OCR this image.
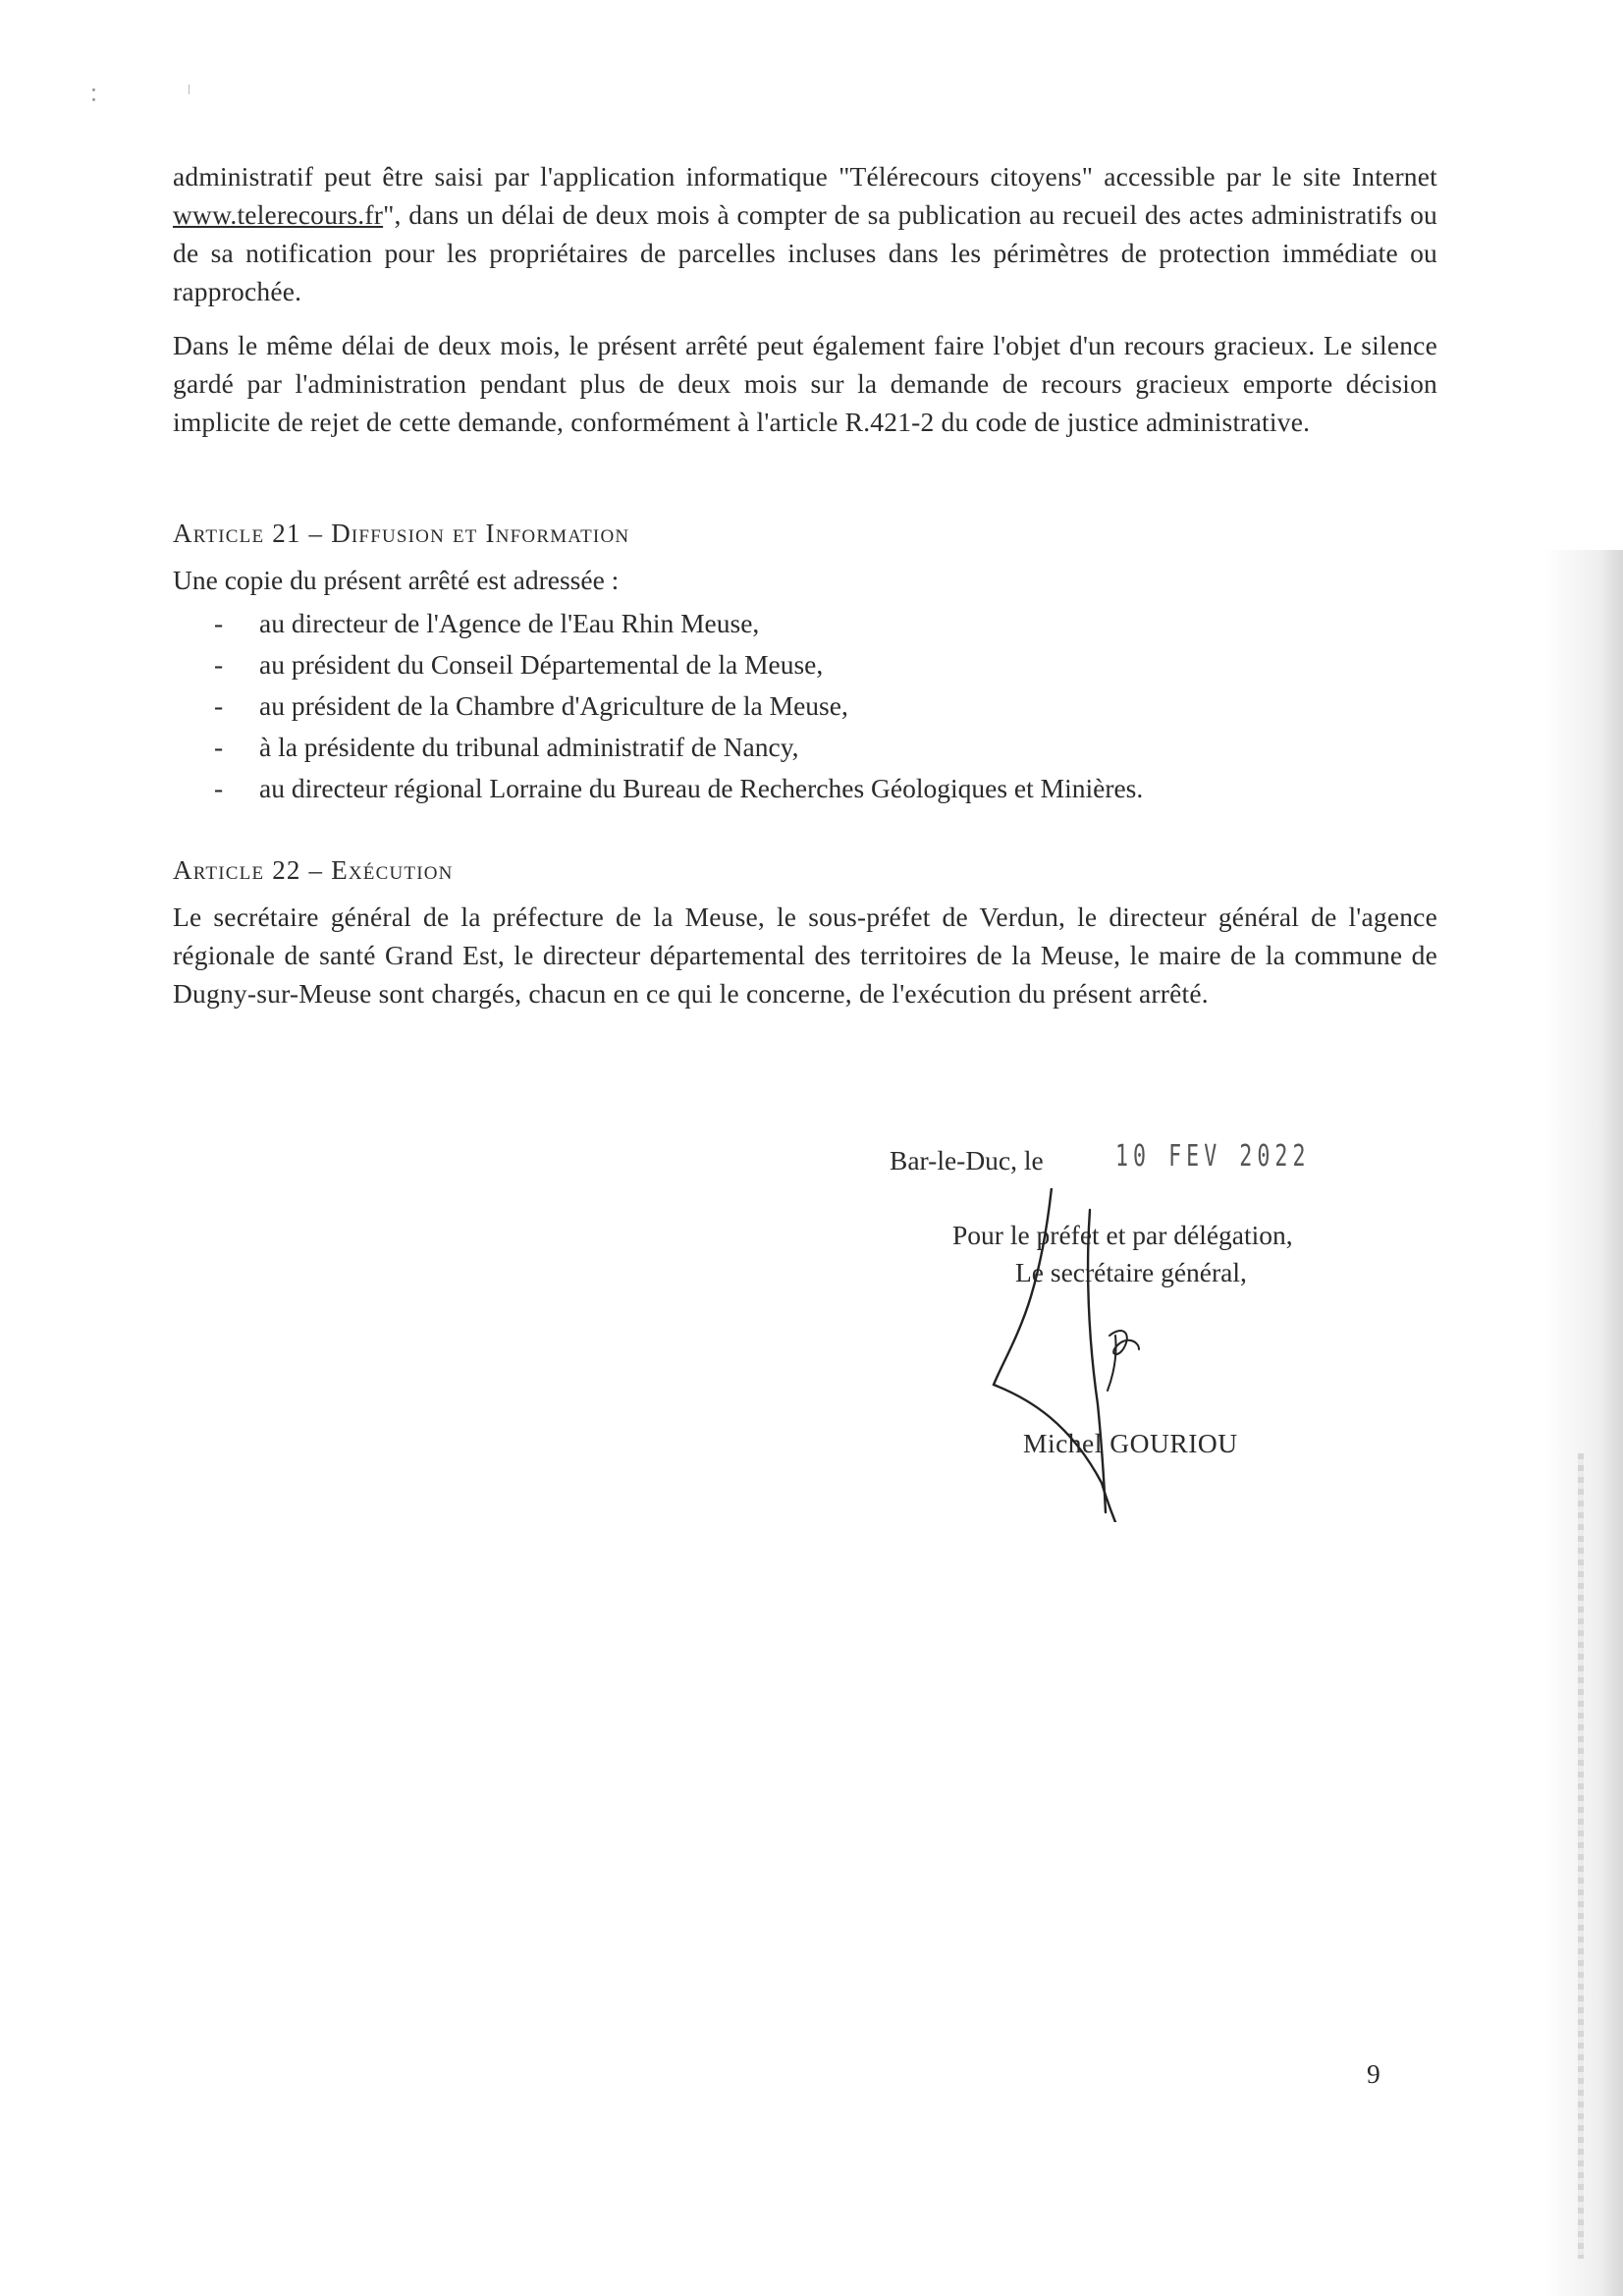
administratif peut être saisi par l'application informatique "Télérecours citoyens" accessible par le site Internet www.telerecours.fr", dans un délai de deux mois à compter de sa publication au recueil des actes administratifs ou de sa notification pour les propriétaires de parcelles incluses dans les périmètres de protection immédiate ou rapprochée.

Dans le même délai de deux mois, le présent arrêté peut également faire l'objet d'un recours gracieux. Le silence gardé par l'administration pendant plus de deux mois sur la demande de recours gracieux emporte décision implicite de rejet de cette demande, conformément à l'article R.421-2 du code de justice administrative.

Article 21 – Diffusion et Information

Une copie du présent arrêté est adressée :

- au directeur de l'Agence de l'Eau Rhin Meuse,
- au président du Conseil Départemental de la Meuse,
- au président de la Chambre d'Agriculture de la Meuse,
- à la présidente du tribunal administratif de Nancy,
- au directeur régional Lorraine du Bureau de Recherches Géologiques et Minières.
Article 22 – Exécution

Le secrétaire général de la préfecture de la Meuse, le sous-préfet de Verdun, le directeur général de l'agence régionale de santé Grand Est, le directeur départemental des territoires de la Meuse, le maire de la commune de Dugny-sur-Meuse sont chargés, chacun en ce qui le concerne, de l'exécution du présent arrêté.

Bar-le-Duc, le 10 FEV 2022
Pour le préfet et par délégation,
Le secrétaire général,
Michel GOURIOU
9
